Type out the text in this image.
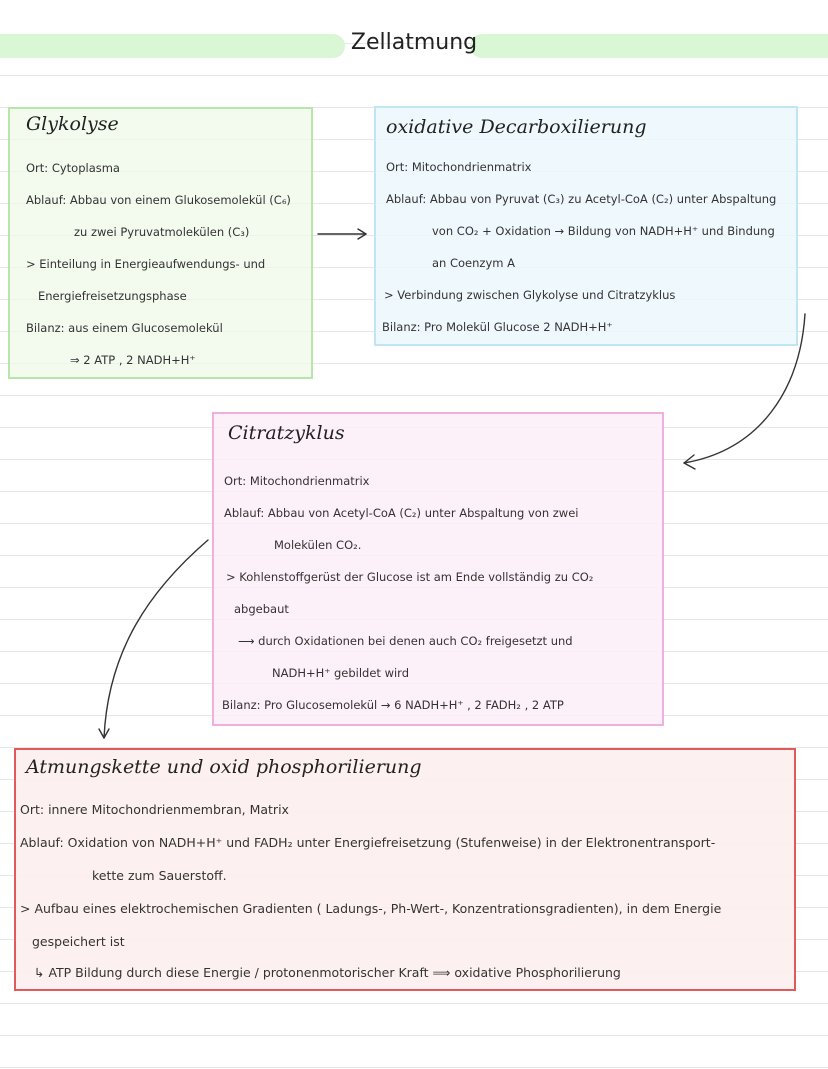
Zellatmung
Glykolyse
Ort: Cytoplasma
Ablauf: Abbau von einem Glukosemolekül (C₆)
zu zwei Pyruvatmolekülen (C₃)
> Einteilung in Energieaufwendungs- und
Energiefreisetzungsphase
Bilanz: aus einem Glucosemolekül
⇒ 2 ATP , 2 NADH+H⁺
oxidative Decarboxilierung
Ort: Mitochondrienmatrix
Ablauf: Abbau von Pyruvat (C₃) zu Acetyl-CoA (C₂) unter Abspaltung
von CO₂ + Oxidation → Bildung von NADH+H⁺ und Bindung
an Coenzym A
> Verbindung zwischen Glykolyse und Citratzyklus
Bilanz: Pro Molekül Glucose 2 NADH+H⁺
Citratzyklus
Ort: Mitochondrienmatrix
Ablauf: Abbau von Acetyl-CoA (C₂) unter Abspaltung von zwei
Molekülen CO₂.
> Kohlenstoffgerüst der Glucose ist am Ende vollständig zu CO₂
abgebaut
⟶ durch Oxidationen bei denen auch CO₂ freigesetzt und
NADH+H⁺ gebildet wird
Bilanz: Pro Glucosemolekül → 6 NADH+H⁺ , 2 FADH₂ , 2 ATP
Atmungskette und oxid phosphorilierung
Ort: innere Mitochondrienmembran, Matrix
Ablauf: Oxidation von NADH+H⁺ und FADH₂ unter Energiefreisetzung (Stufenweise) in der Elektronentransport-
kette zum Sauerstoff.
> Aufbau eines elektrochemischen Gradienten ( Ladungs-, Ph-Wert-, Konzentrationsgradienten), in dem Energie
gespeichert ist
↳ ATP Bildung durch diese Energie / protonenmotorischer Kraft ⟹ oxidative Phosphorilierung
